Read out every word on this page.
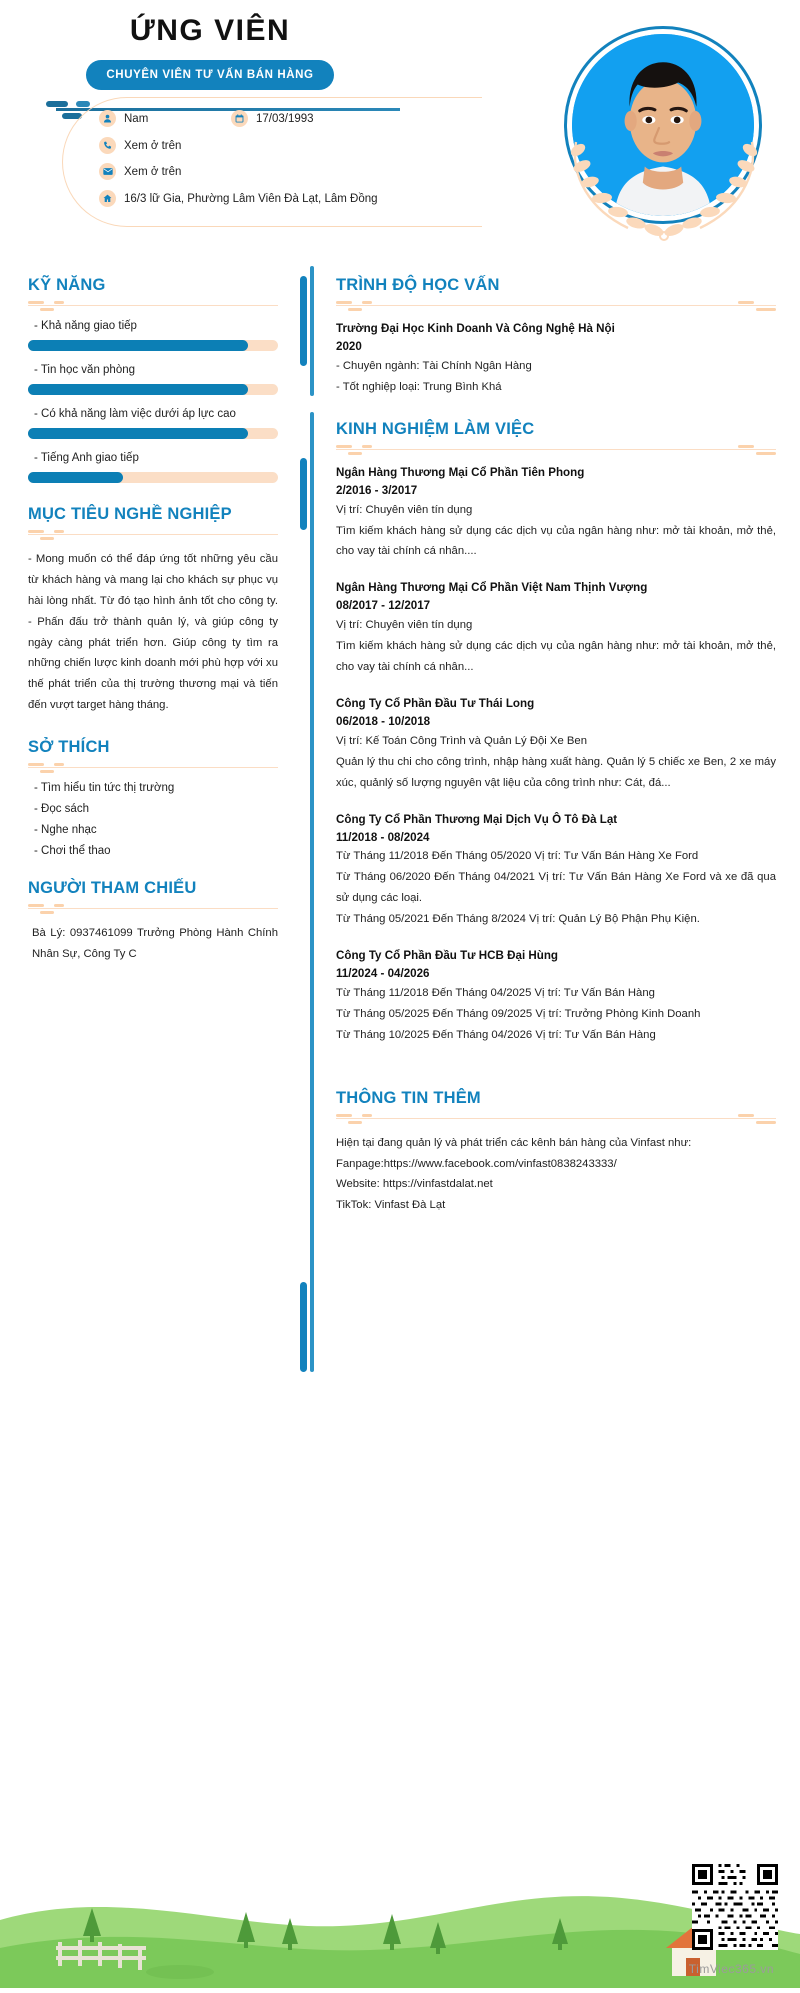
ỨNG VIÊN
CHUYÊN VIÊN TƯ VẤN BÁN HÀNG
Nam	17/03/1993
Xem ở trên
Xem ở trên
16/3 lữ Gia, Phường Lâm Viên Đà Lạt, Lâm Đồng
KỸ NĂNG
- Khả năng giao tiếp
- Tin học văn phòng
- Có khả năng làm việc dưới áp lực cao
- Tiếng Anh giao tiếp
MỤC TIÊU NGHỀ NGHIỆP
- Mong muốn có thể đáp ứng tốt những yêu cầu từ khách hàng và mang lại cho khách sự phục vụ hài lòng nhất. Từ đó tạo hình ảnh tốt cho công ty. - Phấn đấu trở thành quản lý, và giúp công ty ngày càng phát triển hơn. Giúp công ty tìm ra những chiến lược kinh doanh mới phù hợp với xu thế phát triển của thị trường thương mại và tiến đến vượt target hàng tháng.
SỞ THÍCH
- Tìm hiểu tin tức thị trường
- Đọc sách
- Nghe nhạc
- Chơi thể thao
NGƯỜI THAM CHIẾU
Bà Lý: 0937461099 Trưởng Phòng Hành Chính Nhân Sự, Công Ty C
TRÌNH ĐỘ HỌC VẤN
Trường Đại Học Kinh Doanh Và Công Nghệ Hà Nội
2020
- Chuyên ngành: Tài Chính Ngân Hàng
- Tốt nghiệp loại: Trung Bình Khá
KINH NGHIỆM LÀM VIỆC
Ngân Hàng Thương Mại Cổ Phần Tiên Phong
2/2016 - 3/2017
Vị trí: Chuyên viên tín dụng
Tìm kiếm khách hàng sử dụng các dịch vụ của ngân hàng như: mở tài khoản, mở thẻ, cho vay tài chính cá nhân....
Ngân Hàng Thương Mại Cổ Phần Việt Nam Thịnh Vượng
08/2017 - 12/2017
Vị trí: Chuyên viên tín dụng
Tìm kiếm khách hàng sử dụng các dịch vụ của ngân hàng như: mở tài khoản, mở thẻ, cho vay tài chính cá nhân...
Công Ty Cổ Phần Đầu Tư Thái Long
06/2018 - 10/2018
Vị trí: Kế Toán Công Trình và Quản Lý Đội Xe Ben
Quản lý thu chi cho công trình, nhập hàng xuất hàng. Quản lý 5 chiếc xe Ben, 2 xe máy xúc, quảnlý số lượng nguyên vật liệu của công trình như: Cát, đá...
Công Ty Cổ Phần Thương Mại Dịch Vụ Ô Tô Đà Lạt
11/2018 - 08/2024
Từ Tháng 11/2018 Đến Tháng 05/2020 Vị trí: Tư Vấn Bán Hàng Xe Ford
Từ Tháng 06/2020 Đến Tháng 04/2021 Vị trí: Tư Vấn Bán Hàng Xe Ford và xe đã qua sử dụng các loại.
Từ Tháng 05/2021 Đến Tháng 8/2024 Vị trí: Quản Lý Bộ Phận Phụ Kiện.
Công Ty Cổ Phần Đầu Tư HCB Đại Hùng
11/2024 - 04/2026
Từ Tháng 11/2018 Đến Tháng 04/2025 Vị trí: Tư Vấn Bán Hàng
Từ Tháng 05/2025 Đến Tháng 09/2025 Vị trí: Trưởng Phòng Kinh Doanh
Từ Tháng 10/2025 Đến Tháng 04/2026 Vị trí: Tư Vấn Bán Hàng
THÔNG TIN THÊM
Hiện tại đang quản lý và phát triển các kênh bán hàng của Vinfast như:
Fanpage:https://www.facebook.com/vinfast0838243333/
Website: https://vinfastdalat.net
TikTok: Vinfast Đà Lạt
TimViec365.vn
